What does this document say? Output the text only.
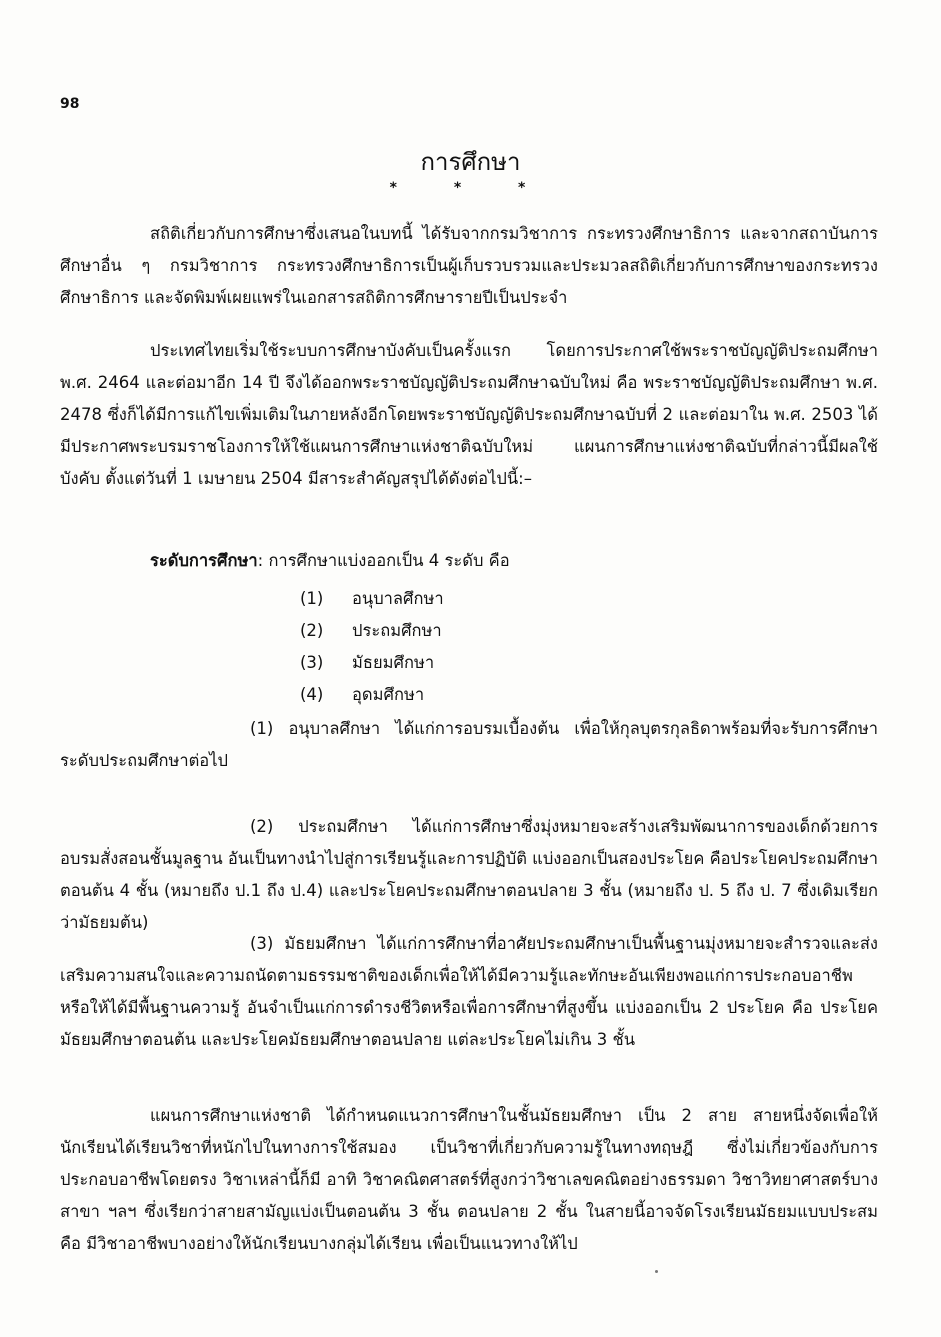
98
การศึกษา
* * *

สถิติเกี่ยวกับการศึกษาซึ่งเสนอในบทนี้ ได้รับจากกรมวิชาการ กระทรวงศึกษาธิการ และจากสถาบันการศึกษาอื่น ๆ กรมวิชาการ กระทรวงศึกษาธิการเป็นผู้เก็บรวบรวมและประมวลสถิติเกี่ยวกับการศึกษาของกระทรวงศึกษาธิการ และจัดพิมพ์เผยแพร่ในเอกสารสถิติการศึกษารายปีเป็นประจำ

ประเทศไทยเริ่มใช้ระบบการศึกษาบังคับเป็นครั้งแรก โดยการประกาศใช้พระราชบัญญัติประถมศึกษา พ.ศ. 2464 และต่อมาอีก 14 ปี จึงได้ออกพระราชบัญญัติประถมศึกษาฉบับใหม่ คือ พระราชบัญญัติประถมศึกษา พ.ศ. 2478 ซึ่งก็ได้มีการแก้ไขเพิ่มเติมในภายหลังอีกโดยพระราชบัญญัติประถมศึกษาฉบับที่ 2 และต่อมาใน พ.ศ. 2503 ได้มีประกาศพระบรมราชโองการให้ใช้แผนการศึกษาแห่งชาติฉบับใหม่ แผนการศึกษาแห่งชาติฉบับที่กล่าวนี้มีผลใช้บังคับ ตั้งแต่วันที่ 1 เมษายน 2504 มีสาระสำคัญสรุปได้ดังต่อไปนี้:–

ระดับการศึกษา: การศึกษาแบ่งออกเป็น 4 ระดับ คือ
(1) อนุบาลศึกษา
(2) ประถมศึกษา
(3) มัธยมศึกษา
(4) อุดมศึกษา

(1) อนุบาลศึกษา ได้แก่การอบรมเบื้องต้น เพื่อให้กุลบุตรกุลธิดาพร้อมที่จะรับการศึกษาระดับประถมศึกษาต่อไป

(2) ประถมศึกษา ได้แก่การศึกษาซึ่งมุ่งหมายจะสร้างเสริมพัฒนาการของเด็กด้วยการอบรมสั่งสอนชั้นมูลฐาน อันเป็นทางนำไปสู่การเรียนรู้และการปฏิบัติ แบ่งออกเป็นสองประโยค คือประโยคประถมศึกษาตอนต้น 4 ชั้น (หมายถึง ป.1 ถึง ป.4) และประโยคประถมศึกษาตอนปลาย 3 ชั้น (หมายถึง ป. 5 ถึง ป. 7 ซึ่งเดิมเรียกว่ามัธยมต้น)

(3) มัธยมศึกษา ได้แก่การศึกษาที่อาศัยประถมศึกษาเป็นพื้นฐานมุ่งหมายจะสำรวจและส่งเสริมความสนใจและความถนัดตามธรรมชาติของเด็กเพื่อให้ได้มีความรู้และทักษะอันเพียงพอแก่การประกอบอาชีพ หรือให้ได้มีพื้นฐานความรู้ อันจำเป็นแก่การดำรงชีวิตหรือเพื่อการศึกษาที่สูงขึ้น แบ่งออกเป็น 2 ประโยค คือ ประโยคมัธยมศึกษาตอนต้น และประโยคมัธยมศึกษาตอนปลาย แต่ละประโยคไม่เกิน 3 ชั้น

แผนการศึกษาแห่งชาติ ได้กำหนดแนวการศึกษาในชั้นมัธยมศึกษา เป็น 2 สาย สายหนึ่งจัดเพื่อให้นักเรียนได้เรียนวิชาที่หนักไปในทางการใช้สมอง เป็นวิชาที่เกี่ยวกับความรู้ในทางทฤษฎี ซึ่งไม่เกี่ยวข้องกับการประกอบอาชีพโดยตรง วิชาเหล่านี้ก็มี อาทิ วิชาคณิตศาสตร์ที่สูงกว่าวิชาเลขคณิตอย่างธรรมดา วิชาวิทยาศาสตร์บางสาขา ฯลฯ ซึ่งเรียกว่าสายสามัญแบ่งเป็นตอนต้น 3 ชั้น ตอนปลาย 2 ชั้น ในสายนี้อาจจัดโรงเรียนมัธยมแบบประสม คือ มีวิชาอาชีพบางอย่างให้นักเรียนบางกลุ่มได้เรียน เพื่อเป็นแนวทางให้ไป
